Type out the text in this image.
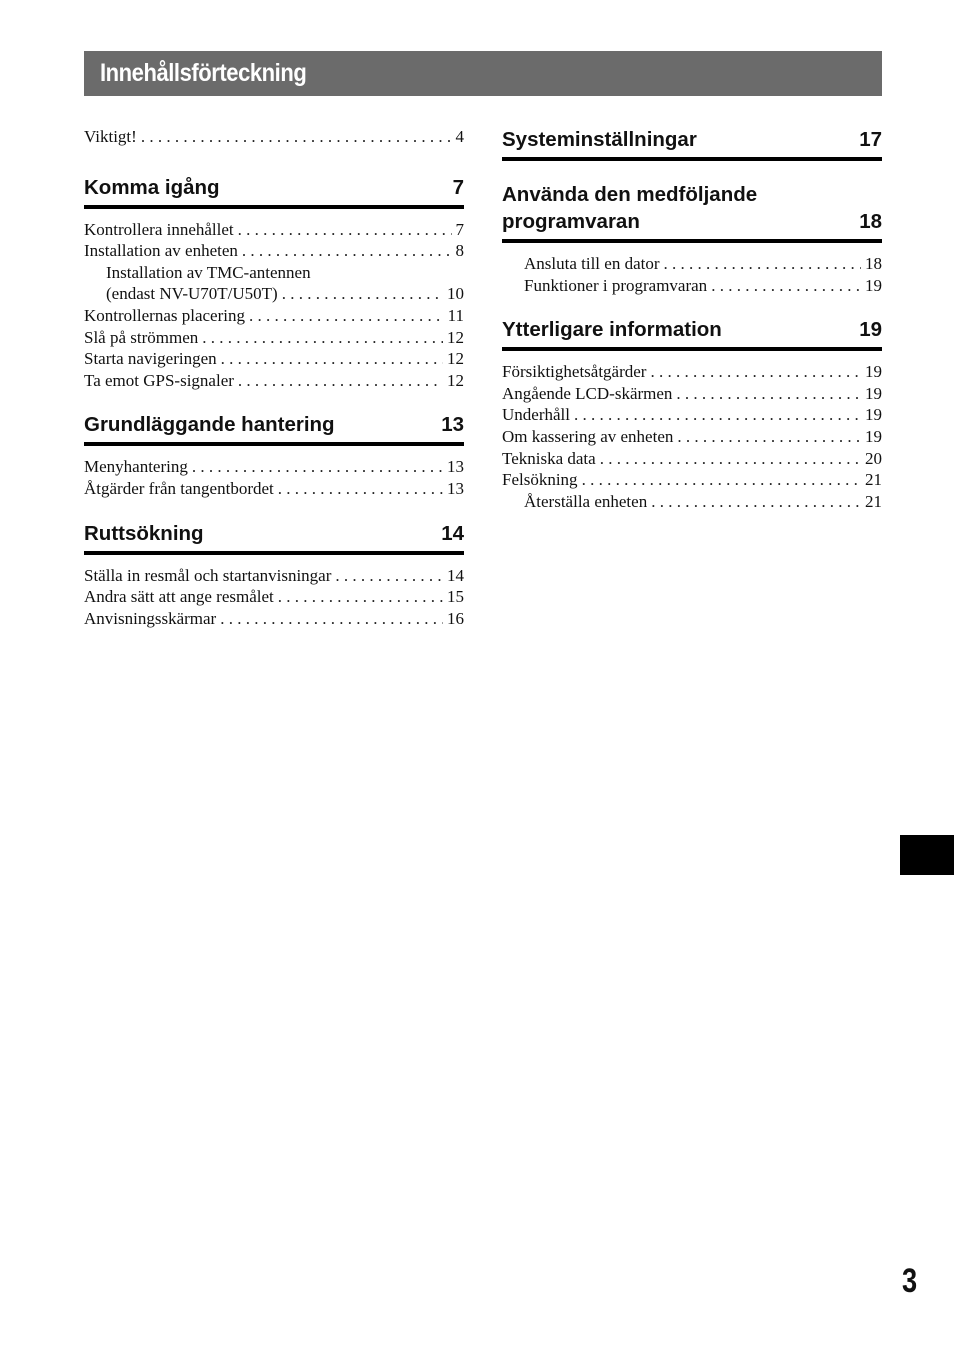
Innehållsförteckning
Viktigt! . . .	4
Komma igång	7
Kontrollera innehållet . . .	7
Installation av enheten . . .	8
Installation av TMC-antennen
(endast NV-U70T/U50T) . . .	10
Kontrollernas placering . . .	11
Slå på strömmen . . .	12
Starta navigeringen . . .	12
Ta emot GPS-signaler . . .	12
Grundläggande hantering	13
Menyhantering . . .	13
Åtgärder från tangentbordet . . .	13
Ruttsökning	14
Ställa in resmål och startanvisningar . . .	14
Andra sätt att ange resmålet . . .	15
Anvisningsskärmar . . .	16
Systeminställningar	17
Använda den medföljande
programvaran	18
Ansluta till en dator . . .	18
Funktioner i programvaran . . .	19
Ytterligare information	19
Försiktighetsåtgärder . . .	19
Angående LCD-skärmen . . .	19
Underhåll . . .	19
Om kassering av enheten . . .	19
Tekniska data . . .	20
Felsökning . . .	21
Återställa enheten . . .	21
3
